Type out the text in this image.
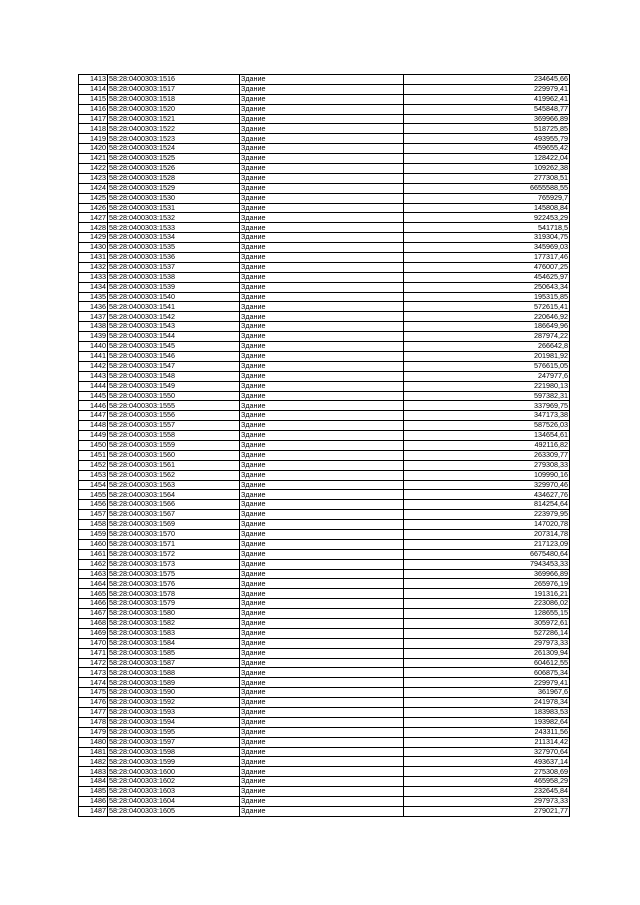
1413	58:28:0400303:1516	Здание	234645,66
1414	58:28:0400303:1517	Здание	229979,41
1415	58:28:0400303:1518	Здание	419962,41
1416	58:28:0400303:1520	Здание	545848,77
1417	58:28:0400303:1521	Здание	369966,89
1418	58:28:0400303:1522	Здание	518725,85
1419	58:28:0400303:1523	Здание	493955,79
1420	58:28:0400303:1524	Здание	459655,42
1421	58:28:0400303:1525	Здание	128422,04
1422	58:28:0400303:1526	Здание	109262,38
1423	58:28:0400303:1528	Здание	277308,51
1424	58:28:0400303:1529	Здание	6655588,55
1425	58:28:0400303:1530	Здание	765929,7
1426	58:28:0400303:1531	Здание	145808,84
1427	58:28:0400303:1532	Здание	922453,29
1428	58:28:0400303:1533	Здание	541718,5
1429	58:28:0400303:1534	Здание	319304,75
1430	58:28:0400303:1535	Здание	345969,03
1431	58:28:0400303:1536	Здание	177317,46
1432	58:28:0400303:1537	Здание	476007,25
1433	58:28:0400303:1538	Здание	454625,97
1434	58:28:0400303:1539	Здание	250643,34
1435	58:28:0400303:1540	Здание	195315,85
1436	58:28:0400303:1541	Здание	572615,41
1437	58:28:0400303:1542	Здание	220646,92
1438	58:28:0400303:1543	Здание	186649,96
1439	58:28:0400303:1544	Здание	287974,22
1440	58:28:0400303:1545	Здание	266642,8
1441	58:28:0400303:1546	Здание	201981,92
1442	58:28:0400303:1547	Здание	576615,05
1443	58:28:0400303:1548	Здание	247977,6
1444	58:28:0400303:1549	Здание	221980,13
1445	58:28:0400303:1550	Здание	597382,31
1446	58:28:0400303:1555	Здание	337969,75
1447	58:28:0400303:1556	Здание	347173,38
1448	58:28:0400303:1557	Здание	587526,03
1449	58:28:0400303:1558	Здание	134654,61
1450	58:28:0400303:1559	Здание	492116,82
1451	58:28:0400303:1560	Здание	263309,77
1452	58:28:0400303:1561	Здание	279308,33
1453	58:28:0400303:1562	Здание	109990,16
1454	58:28:0400303:1563	Здание	329970,46
1455	58:28:0400303:1564	Здание	434627,76
1456	58:28:0400303:1566	Здание	814254,64
1457	58:28:0400303:1567	Здание	223979,95
1458	58:28:0400303:1569	Здание	147020,78
1459	58:28:0400303:1570	Здание	207314,78
1460	58:28:0400303:1571	Здание	217123,09
1461	58:28:0400303:1572	Здание	6675480,64
1462	58:28:0400303:1573	Здание	7943453,33
1463	58:28:0400303:1575	Здание	369966,89
1464	58:28:0400303:1576	Здание	265976,19
1465	58:28:0400303:1578	Здание	191316,21
1466	58:28:0400303:1579	Здание	223086,02
1467	58:28:0400303:1580	Здание	128655,15
1468	58:28:0400303:1582	Здание	305972,61
1469	58:28:0400303:1583	Здание	527286,14
1470	58:28:0400303:1584	Здание	297973,33
1471	58:28:0400303:1585	Здание	261309,94
1472	58:28:0400303:1587	Здание	604612,55
1473	58:28:0400303:1588	Здание	606875,34
1474	58:28:0400303:1589	Здание	229979,41
1475	58:28:0400303:1590	Здание	361967,6
1476	58:28:0400303:1592	Здание	241978,34
1477	58:28:0400303:1593	Здание	183983,53
1478	58:28:0400303:1594	Здание	193982,64
1479	58:28:0400303:1595	Здание	243311,56
1480	58:28:0400303:1597	Здание	211314,42
1481	58:28:0400303:1598	Здание	327970,64
1482	58:28:0400303:1599	Здание	493637,14
1483	58:28:0400303:1600	Здание	275308,69
1484	58:28:0400303:1602	Здание	465958,29
1485	58:28:0400303:1603	Здание	232645,84
1486	58:28:0400303:1604	Здание	297973,33
1487	58:28:0400303:1605	Здание	279021,77
